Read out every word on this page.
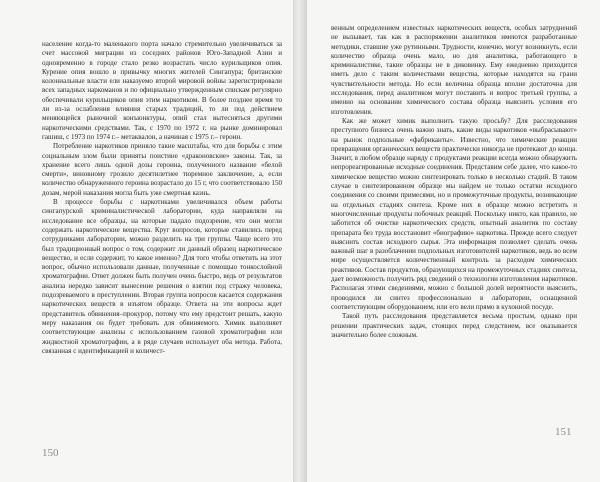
население когда-то маленького порта начало стремительно увеличиваться за счет массовой миграции из соседних районов Юго-Западной Азии и одновременно в городе стало резко возрастать число курильщиков опия. Курение опия вошло в привычку многих жителей Сингапура; британские колониальные власти ели наказуемо второй мировой войны зарегистрировали всех западных наркоманов и по официально утвержденным спискам регулярно обеспечивали курильщиков опия этим наркотиком. В более позднее время то ли из-за ослабления влияния старых традиций, то ли под действием меняющейся рыночной конъюнктуры, опий стал вытесняться другими наркотическими средствами. Так, с 1970 по 1972 г. на рынке доминировал гашиш, с 1973 по 1974 г.– метаквалон, а начиная с 1975 г.– героин.

Потребление наркотиков приняло такие масштабы, что для борьбы с этим социальным злом были приняты поистине «драконовские» законы. Так, за хранение всего лишь одной дозы героина, полученного название «белой смерти», виновному грозило десятилетнее тюремное заключение, а, если количество обнаруженного героина возрастало до 15 г, что соответствовало 150 дозам, мерой наказания могла быть уже смертная казнь.

В процессе борьбы с наркотиками увеличивался объем работы сингапурской криминалистической лаборатории, куда направляли на исследование все образцы, на которые падало подозрение, что они могли содержать наркотические вещества. Круг вопросов, которые ставились перед сотрудниками лаборатории, можно разделить на три группы. Чаще всего это был традиционный вопрос о том, содержит ли данный образец наркотическое вещество, и если содержит, то какое именно? Для того чтобы ответить на этот вопрос, обычно использовали данные, полученные с помощью тонкослойной хроматографии. Ответ должен быть получен очень быстро, ведь от результатов анализа нередко зависит вынесение решения о взятии под стражу человека, подозреваемого в преступлении. Вторая группа вопросов касается содержания наркотических веществ в изъятом образце. Ответа на эти вопросы ждет представитель обвинения–прокурор, потому что ему предстоит решать, какую меру наказания он будет требовать для обвиняемого. Химик выполняет соответствующие анализы с использованием газовой хроматографии или жидкостной хроматографии, а в ряде случаев использует оба метода. Работа, связанная с идентификацией и количест-

150

венным определением известных наркотических веществ, особых затруднений не вызывает, так как в распоряжении аналитиков имеются разработанные методики, ставшие уже рутинными. Трудности, конечно, могут возникнуть, если количество образца очень мало, но для аналитика, работающего в криминалистике, такие образцы не в диковинку. Ему ежедневно приходится иметь дело с таким количествами вещества, которые находятся на грани чувствительности метода. Но если величина образца вполне достаточна для исследования, перед аналитиком могут поставить и вопрос третьей группы, а именно на основании химического состава образца выяснить условия его изготовления.

Как же может химик выполнить такую просьбу? Для расследования преступного бизнеса очень важно знать, какие виды наркотиков «выбрасывают» на рынок подпольные «фабриканты». Известно, что химические реакции превращения органических веществ практически никогда не протекают до конца. Значит, в любом образце наряду с продуктами реакции всегда можно обнаружить непрореагированные исходные соединения. Представим себе далее, что какое-то химическое вещество можно синтезировать только в несколько стадий. В таком случае в синтезированном образце мы найдем не только остатки исходного соединения со своими примесями, но и промежуточные продукты, возникающие на отдельных стадиях синтеза. Кроме них в образце можно встретить и многочисленные продукты побочных реакций. Поскольку никто, как правило, не заботится об очистке наркотических средств, опытный аналитик по составу препарата без труда восстановит «биографию» наркотика. Прежде всего следует выяснить состав исходного сырья. Эта информация позволяет сделать очень важный шаг в разоблачении подпольных изготовителей наркотиков, ведь во всем мире осуществляется количественный контроль за расходом химических реактивов. Состав продуктов, образующихся на промежуточных стадиях синтеза, дает возможность получить ряд сведений о технологии изготовления наркотиков. Располагая этими сведениями, можно с большой долей вероятности выяснить, проводился ли синтез профессионально в лаборатории, оснащенной соответствующим оборудованием, или его вели прямо в кухонной посуде.

Такой путь расследования представляется весьма простым, однако при решении практических задач, стоящих перед следствием, все оказывается значительно более сложным.

151
